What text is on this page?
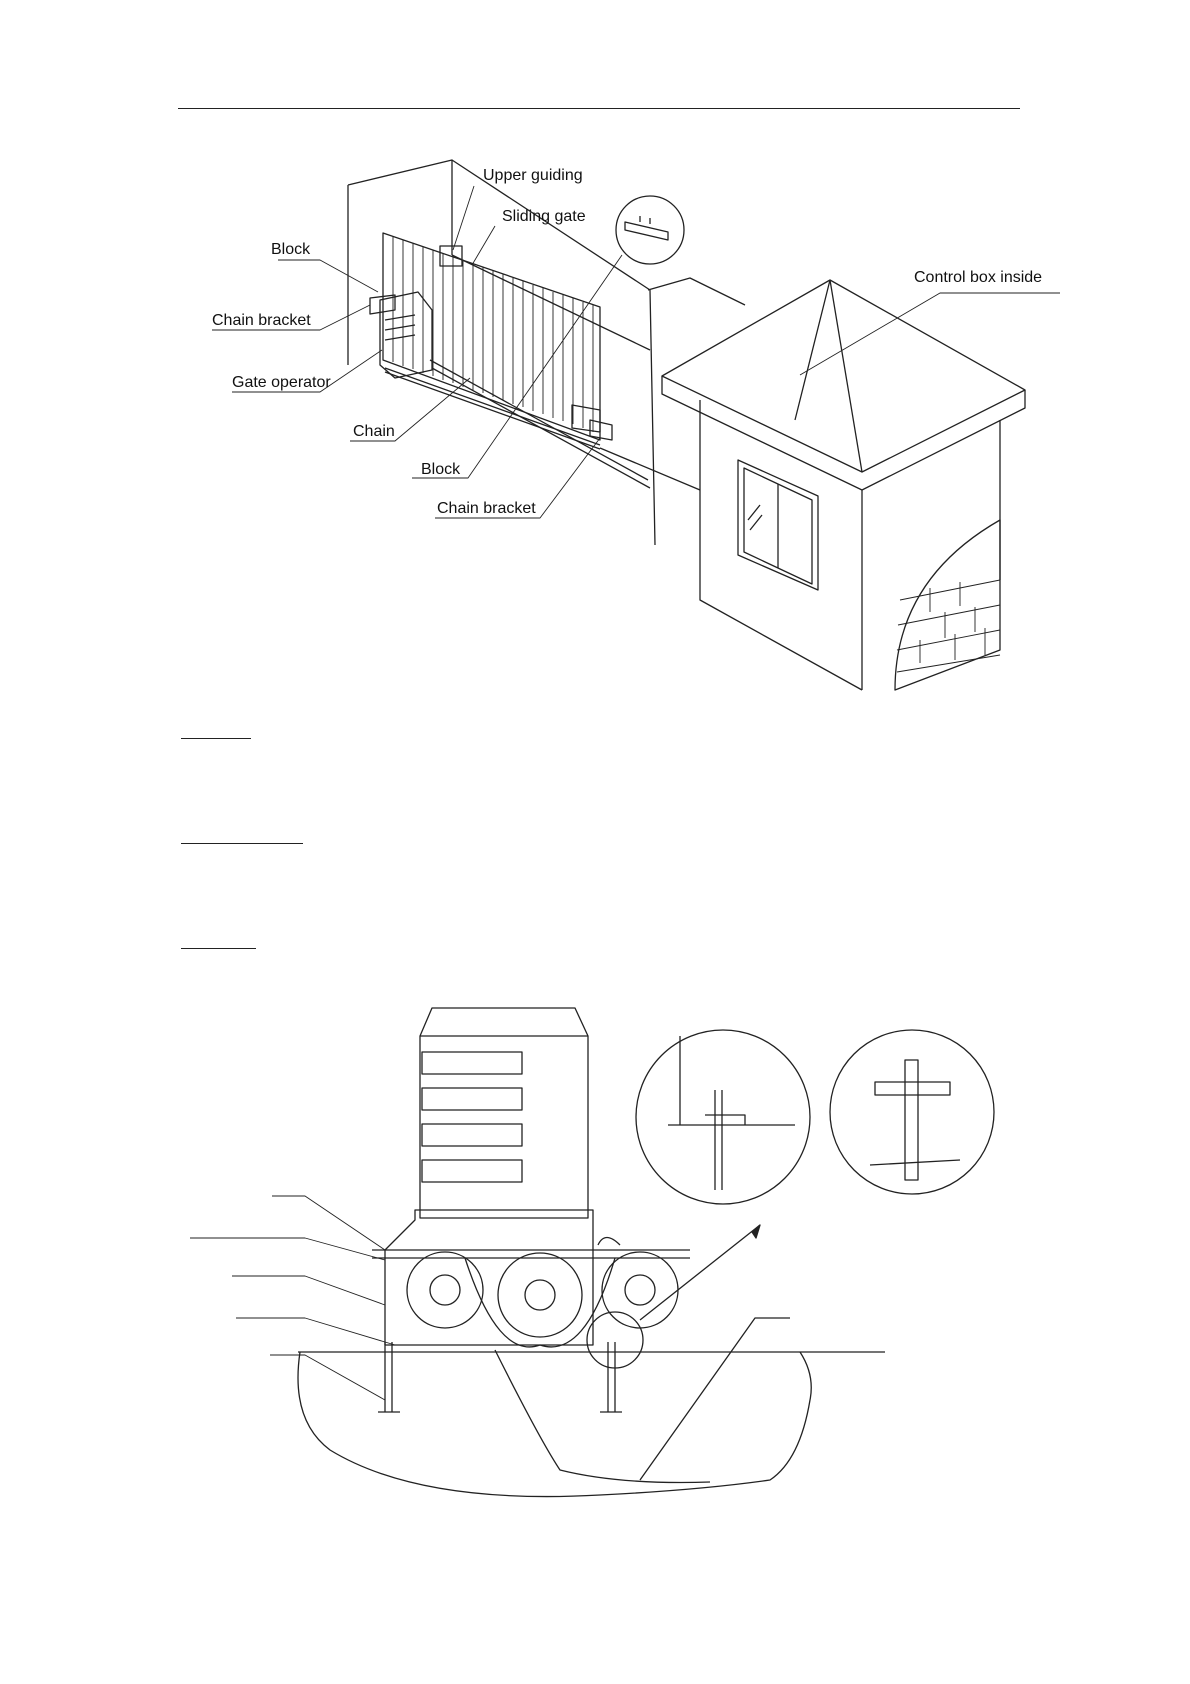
Upper guiding
Sliding gate
Block
Chain bracket
Gate operator
Chain
Block
Chain bracket
Control box inside
